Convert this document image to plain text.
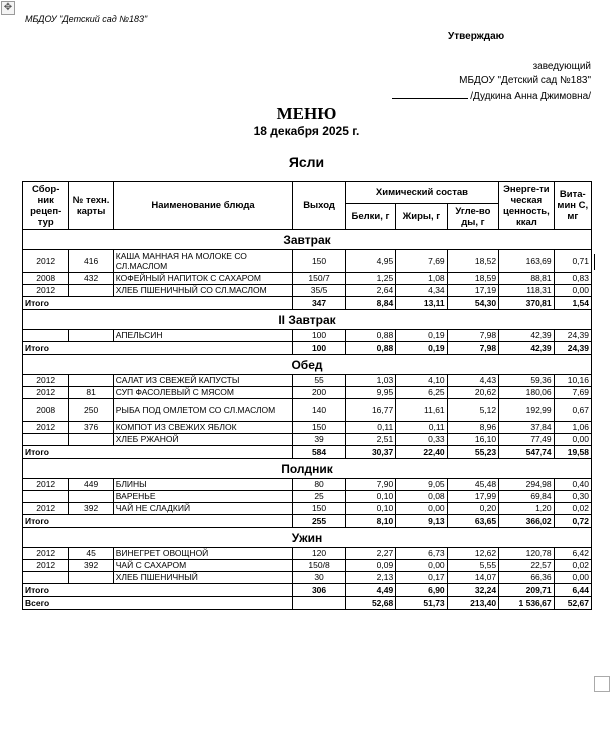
✥
МБДОУ "Детский сад №183"
Утверждаю
заведующий
МБДОУ "Детский сад №183"
/Дудкина Анна Джимовна/
МЕНЮ
18 декабря 2025 г.
Ясли
Сбор-ник рецеп-тур	№ техн. карты	Наименование блюда	Выход	Химический состав			Энерге-ти ческая ценность, ккал	Вита-мин С, мг
				Белки, г	Жиры, г	Угле-во ды, г		
Завтрак								
2012	416	КАША МАННАЯ НА МОЛОКЕ СО СЛ.МАСЛОМ	150	4,95	7,69	18,52	163,69	0,71
2008	432	КОФЕЙНЫЙ НАПИТОК С САХАРОМ	150/7	1,25	1,08	18,59	88,81	0,83
2012		ХЛЕБ ПШЕНИЧНЫЙ СО СЛ.МАСЛОМ	35/5	2,64	4,34	17,19	118,31	0,00
Итого			347	8,84	13,11	54,30	370,81	1,54
II Завтрак								
		АПЕЛЬСИН	100	0,88	0,19	7,98	42,39	24,39
Итого			100	0,88	0,19	7,98	42,39	24,39
Обед								
2012		САЛАТ ИЗ СВЕЖЕЙ КАПУСТЫ	55	1,03	4,10	4,43	59,36	10,16
2012	81	СУП ФАСОЛЕВЫЙ С МЯСОМ	200	9,95	6,25	20,62	180,06	7,69
2008	250	РЫБА ПОД ОМЛЕТОМ СО СЛ.МАСЛОМ	140	16,77	11,61	5,12	192,99	0,67
2012	376	КОМПОТ ИЗ СВЕЖИХ ЯБЛОК	150	0,11	0,11	8,96	37,84	1,06
		ХЛЕБ РЖАНОЙ	39	2,51	0,33	16,10	77,49	0,00
Итого			584	30,37	22,40	55,23	547,74	19,58
Полдник								
2012	449	БЛИНЫ	80	7,90	9,05	45,48	294,98	0,40
		ВАРЕНЬЕ	25	0,10	0,08	17,99	69,84	0,30
2012	392	ЧАЙ НЕ СЛАДКИЙ	150	0,10	0,00	0,20	1,20	0,02
Итого			255	8,10	9,13	63,65	366,02	0,72
Ужин								
2012	45	ВИНЕГРЕТ ОВОЩНОЙ	120	2,27	6,73	12,62	120,78	6,42
2012	392	ЧАЙ С САХАРОМ	150/8	0,09	0,00	5,55	22,57	0,02
		ХЛЕБ ПШЕНИЧНЫЙ	30	2,13	0,17	14,07	66,36	0,00
Итого			306	4,49	6,90	32,24	209,71	6,44
Всего				52,68	51,73	213,40	1 536,67	52,67
